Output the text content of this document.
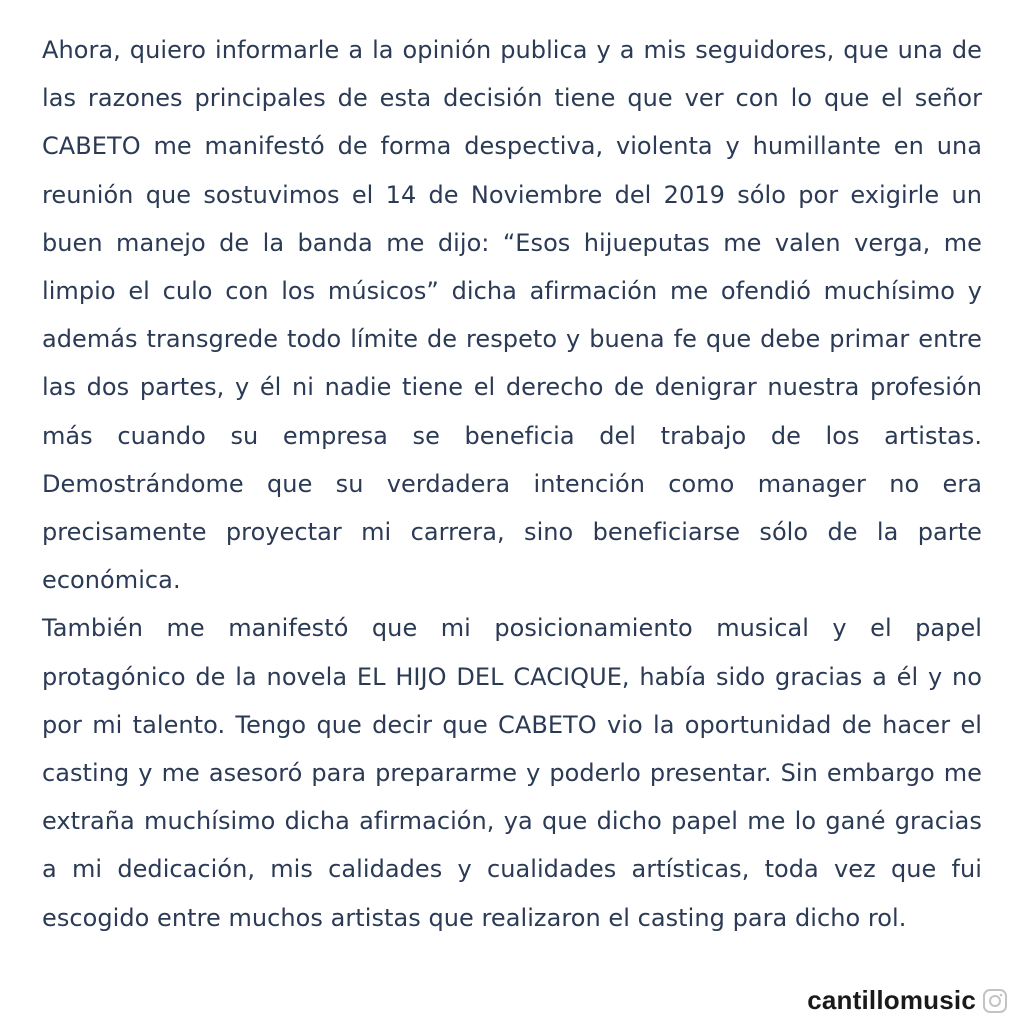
Ahora, quiero informarle a la opinión publica y a mis seguidores, que una de las razones principales de esta decisión tiene que ver con lo que el señor CABETO me manifestó de forma despectiva, violenta y humillante en una reunión que sostuvimos el 14 de Noviembre del 2019 sólo por exigirle un buen manejo de la banda me dijo: “Esos hijueputas me valen verga, me limpio el culo con los músicos” dicha afirmación me ofendió muchísimo y además transgrede todo límite de respeto y buena fe que debe primar entre las dos partes, y él ni nadie tiene el derecho de denigrar nuestra profesión más cuando su empresa se beneficia del trabajo de los artistas. Demostrándome que su verdadera intención como manager no era precisamente proyectar mi carrera, sino beneficiarse sólo de la parte económica.

También me manifestó que mi posicionamiento musical y el papel protagónico de la novela EL HIJO DEL CACIQUE, había sido gracias a él y no por mi talento. Tengo que decir que CABETO vio la oportunidad de hacer el casting y me asesoró para prepararme y poderlo presentar. Sin embargo me extraña muchísimo dicha afirmación, ya que dicho papel me lo gané gracias a mi dedicación, mis calidades y cualidades artísticas, toda vez que fui escogido entre muchos artistas que realizaron el casting para dicho rol.

cantillomusic
